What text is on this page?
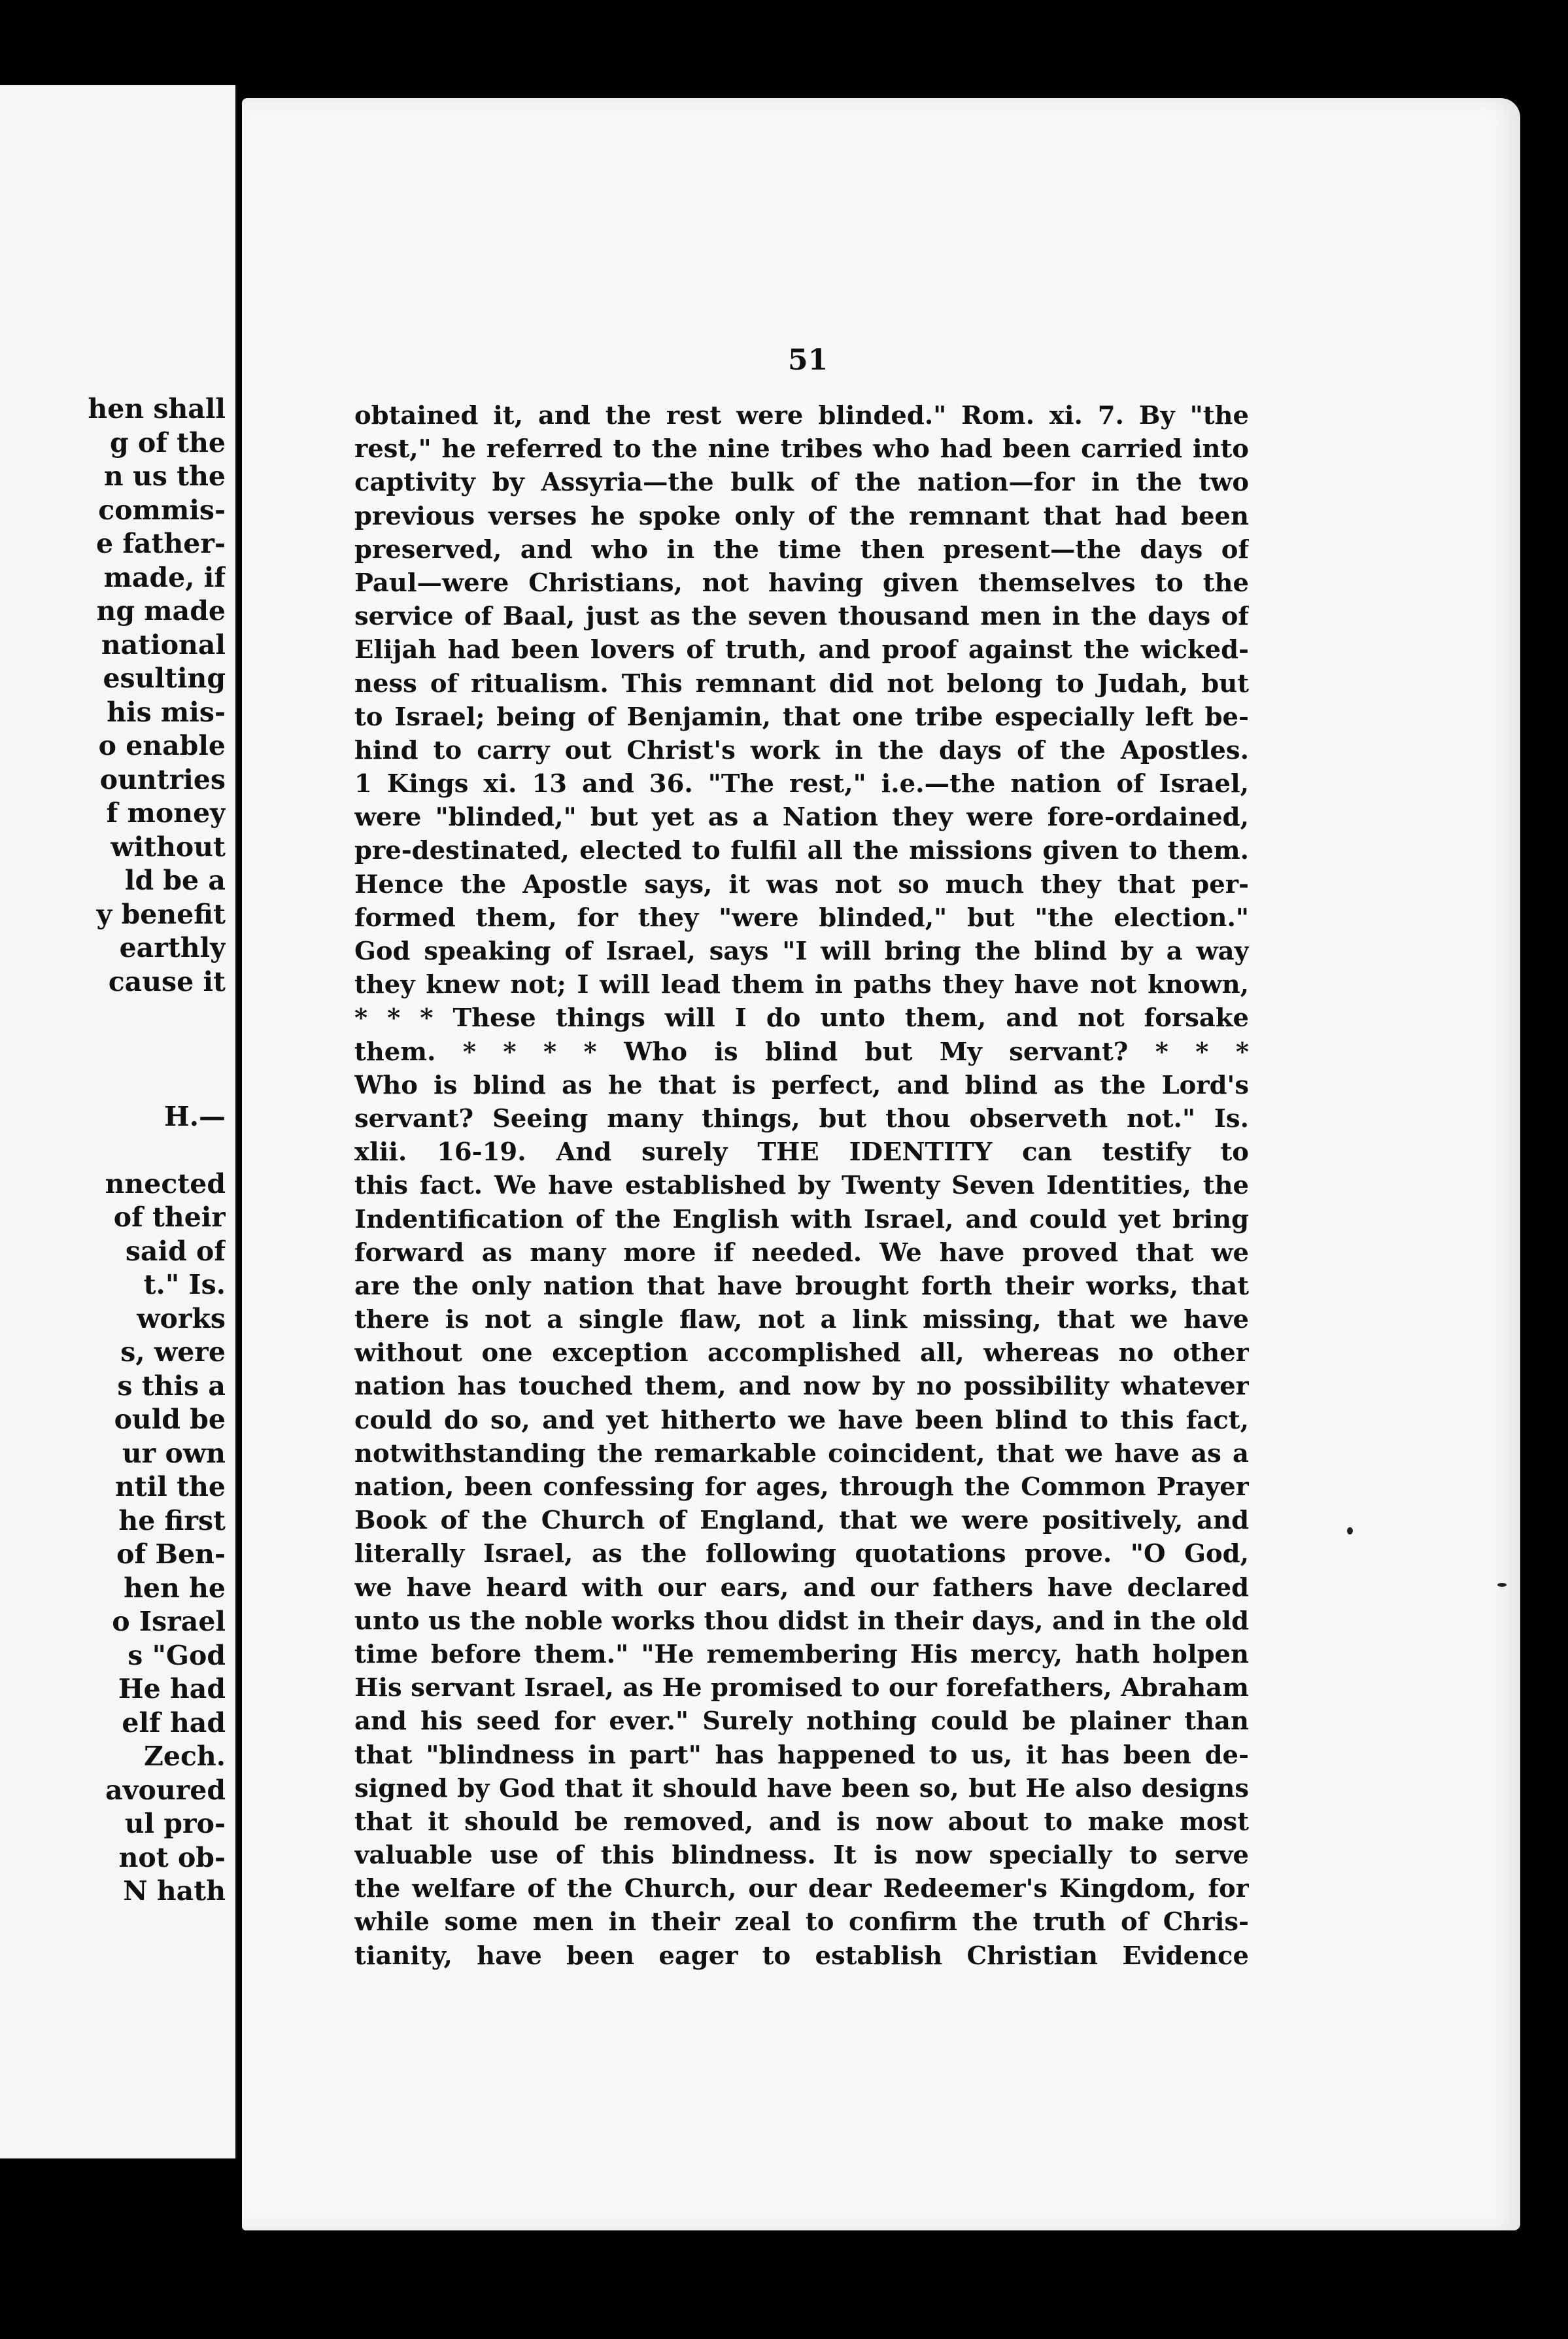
hen shall
g of the
n us the
commis-
e father-
made, if
ng made
national
esulting
his mis-
o enable
ountries
f money
without
ld be a
y benefit
earthly
cause it

H.—

nnected
of their
said of
t." Is.
works
s, were
s this a
ould be
ur own
ntil the
he first
of Ben-
hen he
o Israel
s "God
He had
elf had
Zech.
avoured
ul pro-
not ob-
N hath
51
obtained it, and the rest were blinded." Rom. xi. 7. By "the
rest," he referred to the nine tribes who had been carried into
captivity by Assyria—the bulk of the nation—for in the two
previous verses he spoke only of the remnant that had been
preserved, and who in the time then present—the days of
Paul—were Christians, not having given themselves to the
service of Baal, just as the seven thousand men in the days of
Elijah had been lovers of truth, and proof against the wicked-
ness of ritualism. This remnant did not belong to Judah, but
to Israel; being of Benjamin, that one tribe especially left be-
hind to carry out Christ's work in the days of the Apostles.
1 Kings xi. 13 and 36. "The rest," i.e.—the nation of Israel,
were "blinded," but yet as a Nation they were fore-ordained,
pre-destinated, elected to fulfil all the missions given to them.
Hence the Apostle says, it was not so much they that per-
formed them, for they "were blinded," but "the election."
God speaking of Israel, says "I will bring the blind by a way
they knew not; I will lead them in paths they have not known,
* * * These things will I do unto them, and not forsake
them. * * * * Who is blind but My servant? * * *
Who is blind as he that is perfect, and blind as the Lord's
servant? Seeing many things, but thou observeth not." Is.
xlii. 16-19. And surely THE IDENTITY can testify to
this fact. We have established by Twenty Seven Identities, the
Indentification of the English with Israel, and could yet bring
forward as many more if needed. We have proved that we
are the only nation that have brought forth their works, that
there is not a single flaw, not a link missing, that we have
without one exception accomplished all, whereas no other
nation has touched them, and now by no possibility whatever
could do so, and yet hitherto we have been blind to this fact,
notwithstanding the remarkable coincident, that we have as a
nation, been confessing for ages, through the Common Prayer
Book of the Church of England, that we were positively, and
literally Israel, as the following quotations prove. "O God,
we have heard with our ears, and our fathers have declared
unto us the noble works thou didst in their days, and in the old
time before them." "He remembering His mercy, hath holpen
His servant Israel, as He promised to our forefathers, Abraham
and his seed for ever." Surely nothing could be plainer than
that "blindness in part" has happened to us, it has been de-
signed by God that it should have been so, but He also designs
that it should be removed, and is now about to make most
valuable use of this blindness. It is now specially to serve
the welfare of the Church, our dear Redeemer's Kingdom, for
while some men in their zeal to confirm the truth of Chris-
tianity, have been eager to establish Christian Evidence
